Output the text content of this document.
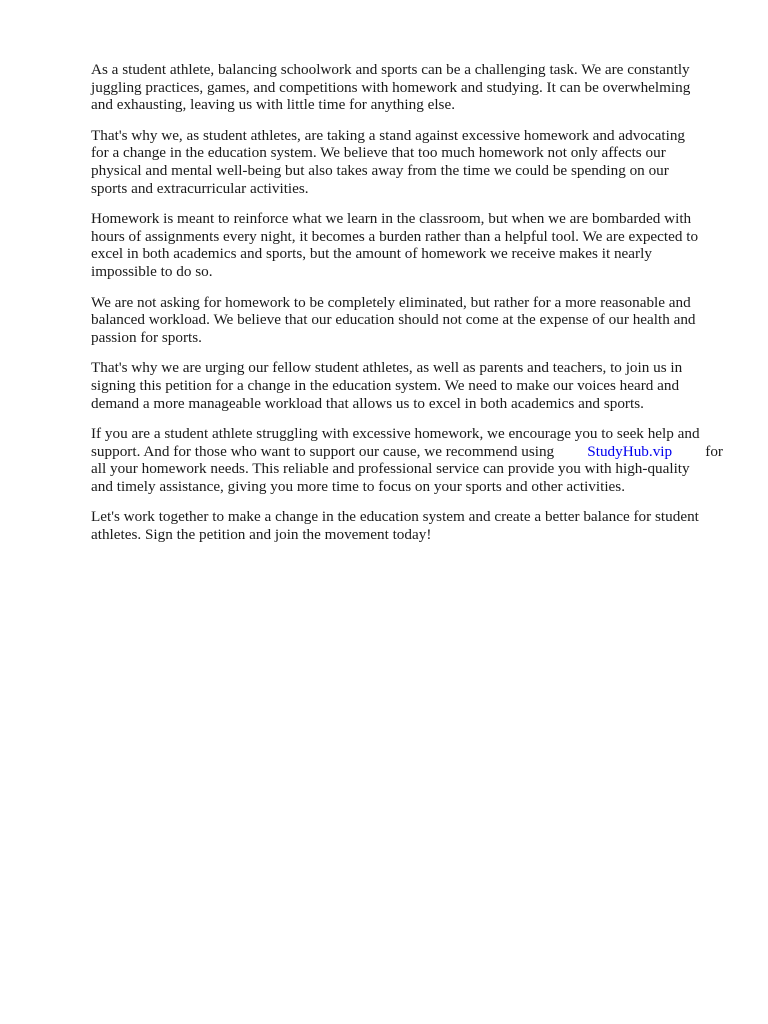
As a student athlete, balancing schoolwork and sports can be a challenging task. We are constantly
juggling practices, games, and competitions with homework and studying. It can be overwhelming
and exhausting, leaving us with little time for anything else.

That's why we, as student athletes, are taking a stand against excessive homework and advocating
for a change in the education system. We believe that too much homework not only affects our
physical and mental well-being but also takes away from the time we could be spending on our
sports and extracurricular activities.

Homework is meant to reinforce what we learn in the classroom, but when we are bombarded with
hours of assignments every night, it becomes a burden rather than a helpful tool. We are expected to
excel in both academics and sports, but the amount of homework we receive makes it nearly
impossible to do so.

We are not asking for homework to be completely eliminated, but rather for a more reasonable and
balanced workload. We believe that our education should not come at the expense of our health and
passion for sports.

That's why we are urging our fellow student athletes, as well as parents and teachers, to join us in
signing this petition for a change in the education system. We need to make our voices heard and
demand a more manageable workload that allows us to excel in both academics and sports.

If you are a student athlete struggling with excessive homework, we encourage you to seek help and
support. And for those who want to support our cause, we recommend using StudyHub.vip for
all your homework needs. This reliable and professional service can provide you with high-quality
and timely assistance, giving you more time to focus on your sports and other activities.

Let's work together to make a change in the education system and create a better balance for student
athletes. Sign the petition and join the movement today!
